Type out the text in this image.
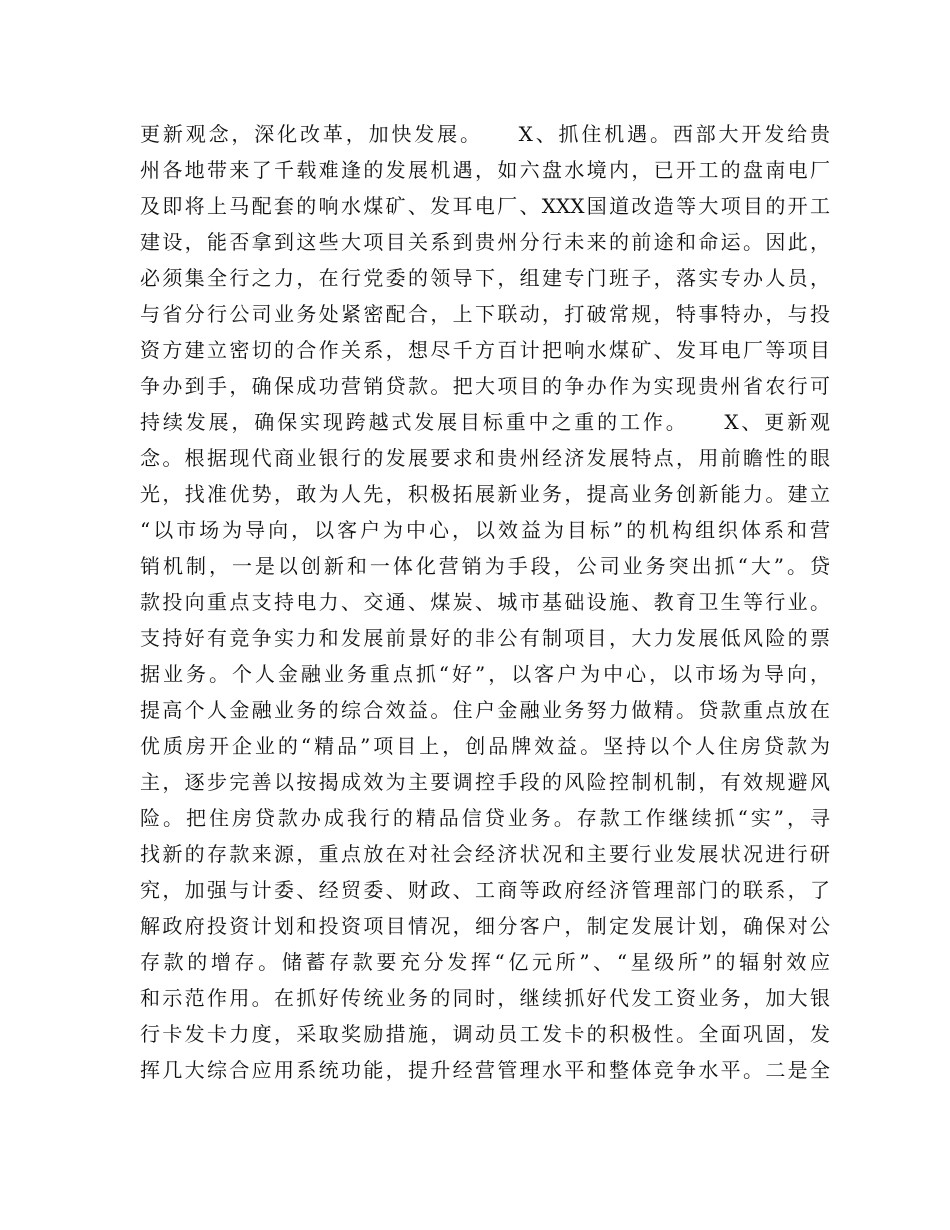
更新观念，深化改革，加快发展。　　X、抓住机遇。西部大开发给贵
州各地带来了千载难逢的发展机遇，如六盘水境内，已开工的盘南电厂
及即将上马配套的响水煤矿、发耳电厂、XXX国道改造等大项目的开工
建设，能否拿到这些大项目关系到贵州分行未来的前途和命运。因此，
必须集全行之力，在行党委的领导下，组建专门班子，落实专办人员，
与省分行公司业务处紧密配合，上下联动，打破常规，特事特办，与投
资方建立密切的合作关系，想尽千方百计把响水煤矿、发耳电厂等项目
争办到手，确保成功营销贷款。把大项目的争办作为实现贵州省农行可
持续发展，确保实现跨越式发展目标重中之重的工作。　　X、更新观
念。根据现代商业银行的发展要求和贵州经济发展特点，用前瞻性的眼
光，找准优势，敢为人先，积极拓展新业务，提高业务创新能力。建立
“以市场为导向，以客户为中心，以效益为目标”的机构组织体系和营
销机制，一是以创新和一体化营销为手段，公司业务突出抓“大”。贷
款投向重点支持电力、交通、煤炭、城市基础设施、教育卫生等行业。
支持好有竞争实力和发展前景好的非公有制项目，大力发展低风险的票
据业务。个人金融业务重点抓“好”，以客户为中心，以市场为导向，
提高个人金融业务的综合效益。住户金融业务努力做精。贷款重点放在
优质房开企业的“精品”项目上，创品牌效益。坚持以个人住房贷款为
主，逐步完善以按揭成效为主要调控手段的风险控制机制，有效规避风
险。把住房贷款办成我行的精品信贷业务。存款工作继续抓“实”，寻
找新的存款来源，重点放在对社会经济状况和主要行业发展状况进行研
究，加强与计委、经贸委、财政、工商等政府经济管理部门的联系，了
解政府投资计划和投资项目情况，细分客户，制定发展计划，确保对公
存款的增存。储蓄存款要充分发挥“亿元所”、“星级所”的辐射效应
和示范作用。在抓好传统业务的同时，继续抓好代发工资业务，加大银
行卡发卡力度，采取奖励措施，调动员工发卡的积极性。全面巩固，发
挥几大综合应用系统功能，提升经营管理水平和整体竞争水平。二是全
